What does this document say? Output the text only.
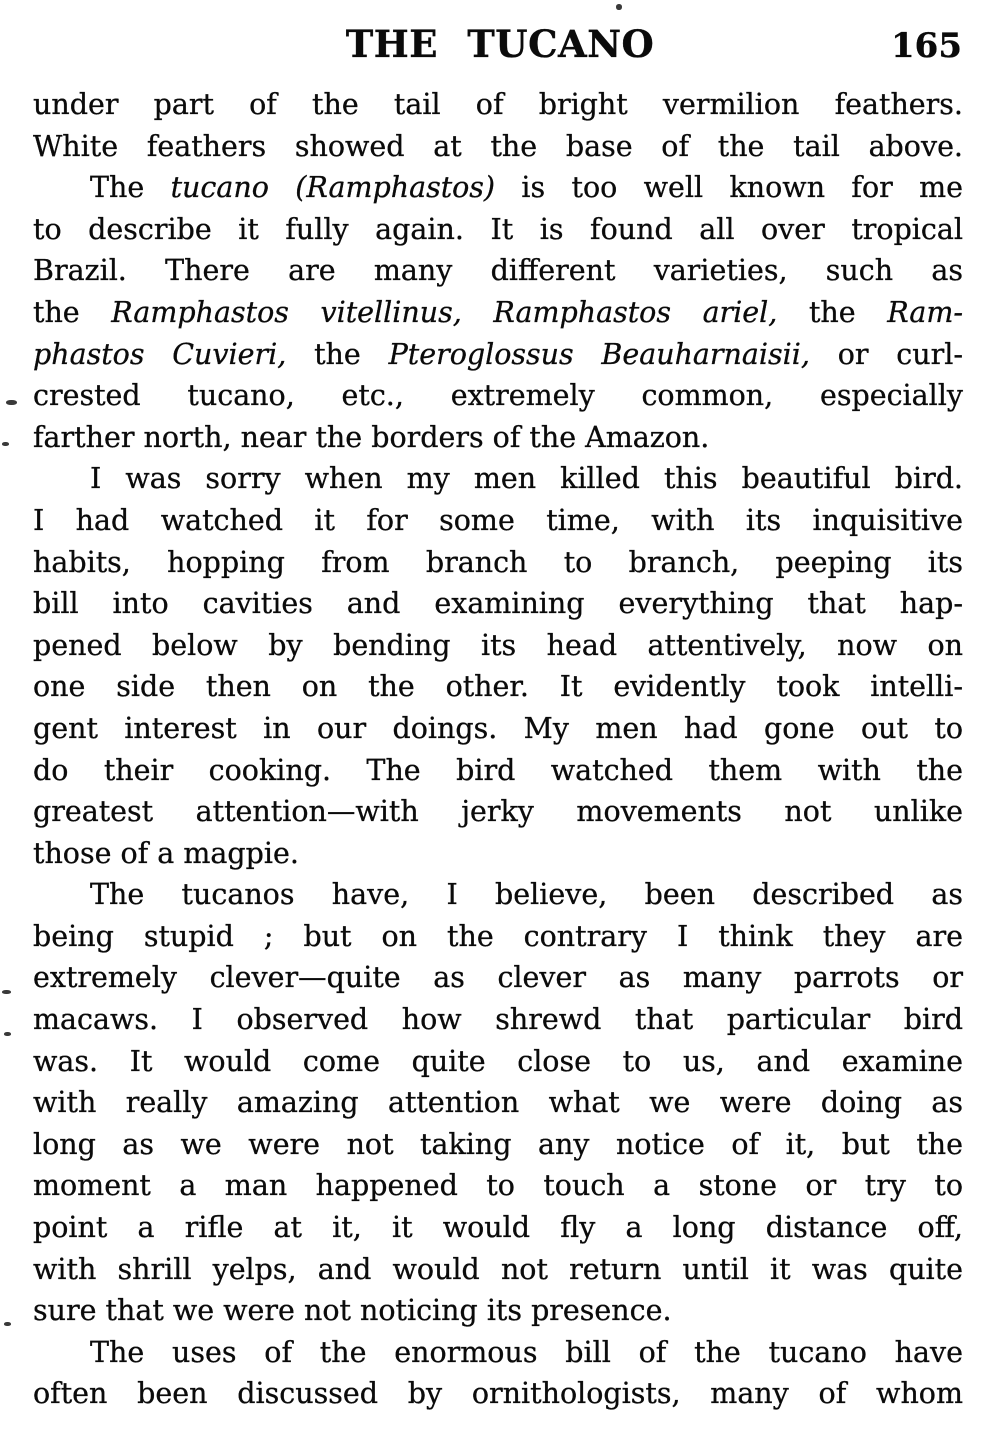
THE TUCANO	165
under part of the tail of bright vermilion feathers.
White feathers showed at the base of the tail above.
The tucano (Ramphastos) is too well known for me
to describe it fully again. It is found all over tropical
Brazil. There are many different varieties, such as
the Ramphastos vitellinus, Ramphastos ariel, the Ram-
phastos Cuvieri, the Pteroglossus Beauharnaisii, or curl-
crested tucano, etc., extremely common, especially
farther north, near the borders of the Amazon.
I was sorry when my men killed this beautiful bird.
I had watched it for some time, with its inquisitive
habits, hopping from branch to branch, peeping its
bill into cavities and examining everything that hap-
pened below by bending its head attentively, now on
one side then on the other. It evidently took intelli-
gent interest in our doings. My men had gone out to
do their cooking. The bird watched them with the
greatest attention—with jerky movements not unlike
those of a magpie.
The tucanos have, I believe, been described as
being stupid ; but on the contrary I think they are
extremely clever—quite as clever as many parrots or
macaws. I observed how shrewd that particular bird
was. It would come quite close to us, and examine
with really amazing attention what we were doing as
long as we were not taking any notice of it, but the
moment a man happened to touch a stone or try to
point a rifle at it, it would fly a long distance off,
with shrill yelps, and would not return until it was quite
sure that we were not noticing its presence.
The uses of the enormous bill of the tucano have
often been discussed by ornithologists, many of whom
